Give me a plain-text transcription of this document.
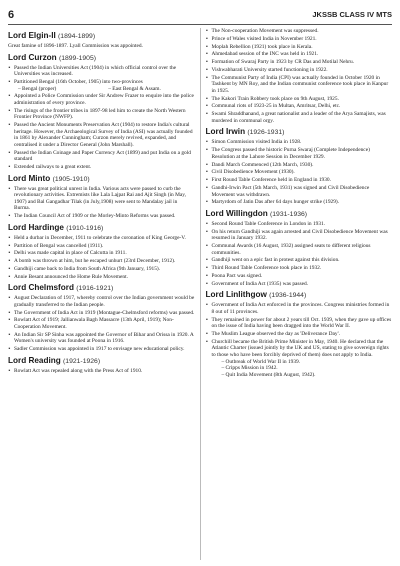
6	JKSSB CLASS IV MTS
Lord Elgin-II (1894-1899)

Great famine of 1896-1897. Lyall Commission was appointed.

Lord Curzon (1899-1905)
▪ Passed the Indian Universities Act (1904) in which official control over the Universities was increased.
▪ Partitioned Bengal (16th October, 1905) into two-provinces
– Bengal (proper)	– East Bengal & Assam.
▪ Appointed a Police Commission under Sir Andrew Frazer to enquire into the police administration of every province.
▪ The risings of the frontier tribes in 1897-98 led him to create the North Western Frontier Province (NWFP).
▪ Passed the Ancient Monuments Preservation Act (1904) to restore India's cultural heritage. However, the Archaeological Survey of India (ASI) was actually founded in 1861 by Alexander Cunningham; Curzon merely revived, expanded, and centralised it under a Director General (John Marshall).
▪ Passed the Indian Coinage and Paper Currency Act (1899) and put India on a gold standard
▪ Extended railways to a great extent.
Lord Minto (1905-1910)
▪ There was great political unrest in India. Various acts were passed to curb the revolutionary activities. Extremists like Lala Lajpat Rai and Ajit Singh (in May, 1907) and Bal Gangadhar Tilak (in July,1908) were sent to Mandalay jail in Burma.
▪ The Indian Council Act of 1909 or the Morley-Minto Reforms was passed.
Lord Hardinge (1910-1916)
▪ Held a durbar in December, 1911 to celebrate the coronation of King George-V.
▪ Partition of Bengal was cancelled (1911).
▪ Delhi was made capital in place of Calcutta in 1911.
▪ A bomb was thrown at him, but he escaped unhurt (23rd December, 1912).
▪ Gandhiji came back to India from South Africa (9th January, 1915).
▪ Annie Besant announced the Home Rule Movement.
Lord Chelmsford (1916-1921)
▪ August Declaration of 1917, whereby control over the Indian government would be gradually transferred to the Indian people.
▪ The Government of India Act in 1919 (Montague-Chelmsford reforms) was passed.
▪ Rowlatt Act of 1919; Jallianwala Bagh Massacre (13th April, 1919); Non-Cooperation Movement.
▪ An Indian Sir SP Sinha was appointed the Governor of Bihar and Orissa in 1920. A Women's university was founded at Poona in 1916.
▪ Sadler Commission was appointed in 1917 to envisage new educational policy.
Lord Reading (1921-1926)
▪ Rowlatt Act was repealed along with the Press Act of 1910.
▪ The Non-cooperation Movement was suppressed.
▪ Prince of Wales visited India in November 1921.
▪ Moplah Rebellion (1921) took place in Kerala.
▪ Ahmedabad session of the INC was held in 1921.
▪ Formation of Swaraj Party in 1923 by CR Das and Motilal Nehru.
▪ Vishwabharati University started functioning in 1922.
▪ The Communist Party of India (CPI) was actually founded in October 1920 in Tashkent by MN Roy, and the Indian communist conference took place in Kanpur in 1925.
▪ The Kakori Train Robbery took place on 9th August, 1925.
▪ Communal riots of 1923-25 in Multan, Amritsar, Delhi, etc.
▪ Swami Shraddhanand, a great nationalist and a leader of the Arya Samajists, was murdered in communal orgy.
Lord Irwin (1926-1931)
▪ Simon Commission visited India in 1928.
▪ The Congress passed the historic Purna Swaraj (Complete Independence) Resolution at the Lahore Session in December 1929.
▪ Dandi March Commenced (12th March, 1930).
▪ Civil Disobedience Movement (1930).
▪ First Round Table Conference held in England in 1930.
▪ Gandhi-Irwin Pact (5th March, 1931) was signed and Civil Disobedience Movement was withdrawn.
▪ Martyrdom of Jatin Das after 64 days hunger strike (1929).
Lord Willingdon (1931-1936)
▪ Second Round Table Conference in London in 1931.
▪ On his return Gandhiji was again arrested and Civil Disobedience Movement was resumed in January 1932.
▪ Communal Awards (16 August, 1932) assigned seats to different religious communities.
▪ Gandhiji went on a epic fast in protest against this division.
▪ Third Round Table Conference took place in 1932.
▪ Poona Pact was signed.
▪ Government of India Act (1935) was passed.
Lord Linlithgow (1936-1944)
▪ Government of India Act enforced in the provinces. Congress ministries formed in 8 out of 11 provinces.
▪ They remained in power for about 2 years till Oct. 1939, when they gave up offices on the issue of India having been dragged into the World War II.
▪ The Muslim League observed the day as 'Deliverance Day'.
▪ Churchill became the British Prime Minister in May, 1940. He declared that the Atlantic Charter (issued jointly by the UK and US, stating to give sovereign rights to those who have been forcibly deprived of them) does not apply to India.

– Outbreak of World War II in 1939.

– Cripps Mission in 1942.

– Quit India Movement (8th August, 1942).
